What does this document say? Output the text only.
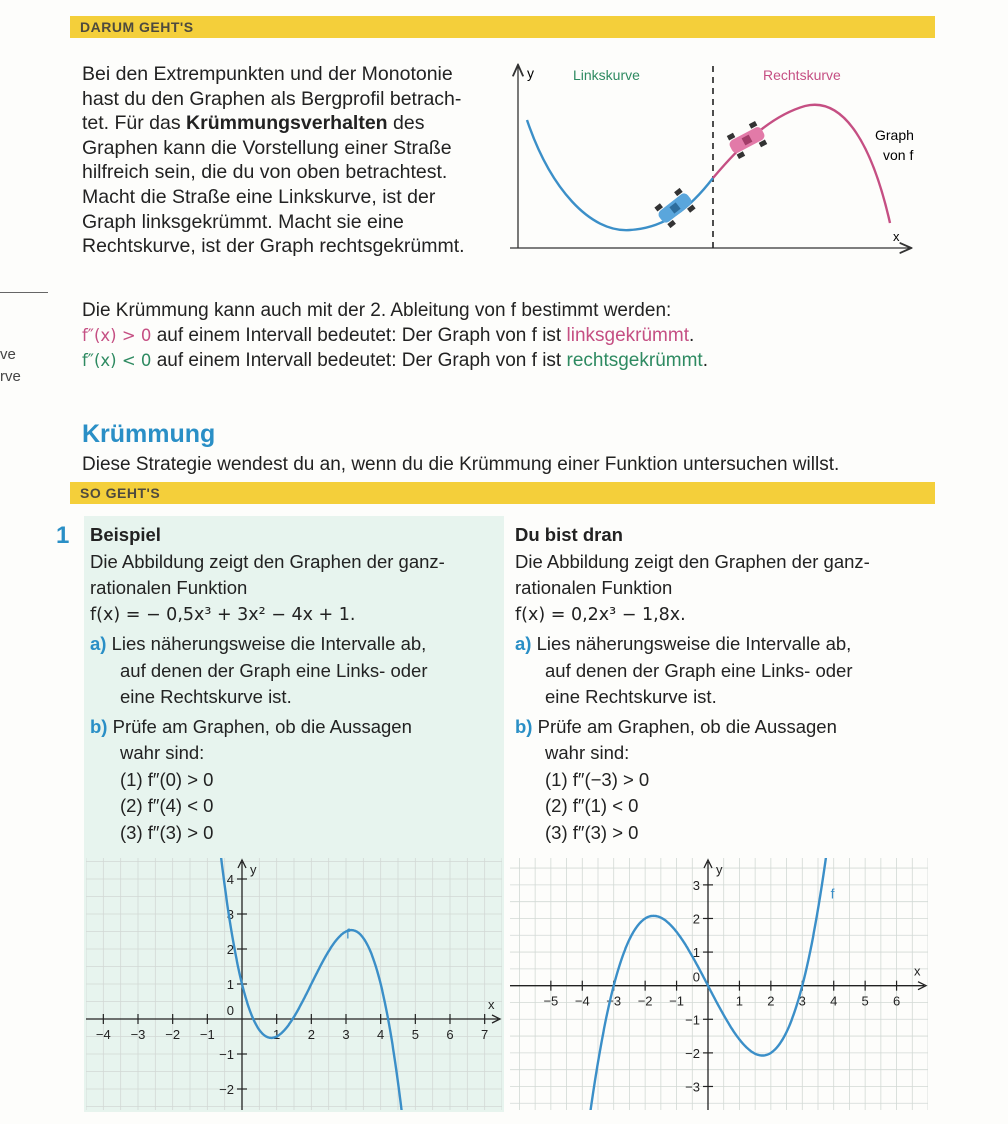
DARUM GEHT'S
Bei den Extrempunkten und der Monotonie
hast du den Graphen als Bergprofil betrach-
tet. Für das Krümmungsverhalten des
Graphen kann die Vorstellung einer Straße
hilfreich sein, die du von oben betrachtest.
Macht die Straße eine Linkskurve, ist der
Graph linksgekrümmt. Macht sie eine
Rechtskurve, ist der Graph rechtsgekrümmt.
y
x
Linkskurve	Rechtskurve
Graph
von f
ve
rve
Die Krümmung kann auch mit der 2. Ableitung von f bestimmt werden:
f″(x) > 0 auf einem Intervall bedeutet: Der Graph von f ist linksgekrümmt.
f″(x) < 0 auf einem Intervall bedeutet: Der Graph von f ist rechtsgekrümmt.
Krümmung
Diese Strategie wendest du an, wenn du die Krümmung einer Funktion untersuchen willst.
SO GEHT'S
1 Beispiel
Die Abbildung zeigt den Graphen der ganz-
rationalen Funktion
f(x) = − 0,5x³ + 3x² − 4x + 1.
a) Lies näherungsweise die Intervalle ab,
auf denen der Graph eine Links- oder
eine Rechtskurve ist.
b) Prüfe am Graphen, ob die Aussagen
wahr sind:
(1) f″(0) > 0
(2) f″(4) < 0
(3) f″(3) > 0
Du bist dran
Die Abbildung zeigt den Graphen der ganz-
rationalen Funktion
f(x) = 0,2x³ − 1,8x.
a) Lies näherungsweise die Intervalle ab,
auf denen der Graph eine Links- oder
eine Rechtskurve ist.
b) Prüfe am Graphen, ob die Aussagen
wahr sind:
(1) f″(−3) > 0
(2) f″(1) < 0
(3) f″(3) > 0
−4 −3 −2 −1	1 2 3 4 5 6 7
4
3
2
1
−1
−2
0	x
y
f
−5 −4 −3 −2 −1	1 2 3 4 5 6
3
2
1
−1
−2
−3
0	x
y
f
